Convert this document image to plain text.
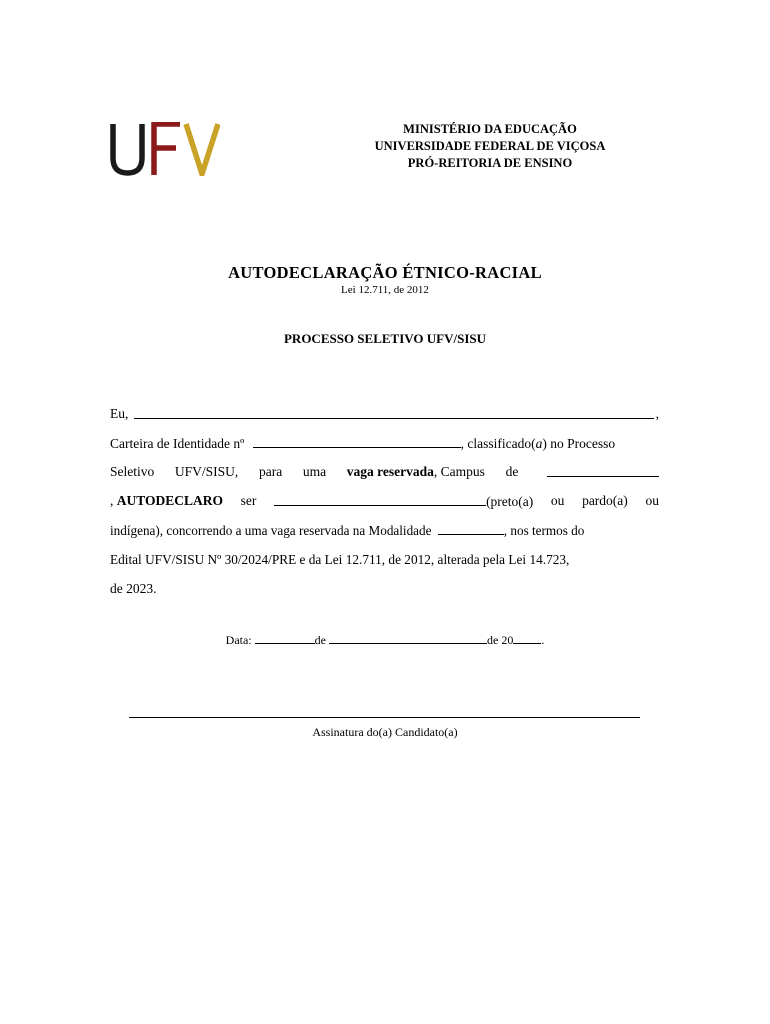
MINISTÉRIO DA EDUCAÇÃO
UNIVERSIDADE FEDERAL DE VIÇOSA
PRÓ-REITORIA DE ENSINO
AUTODECLARAÇÃO ÉTNICO-RACIAL
Lei 12.711, de 2012
PROCESSO SELETIVO UFV/SISU
Eu,	,
Carteira de Identidade nº	, classificado(a) no Processo
Seletivo UFV/SISU, para uma vaga reservada, Campus de
, AUTODECLARO ser	(preto(a) ou pardo(a) ou
indígena), concorrendo a uma vaga reservada na Modalidade	, nos termos do
Edital UFV/SISU Nº 30/2024/PRE e da Lei 12.711, de 2012, alterada pela Lei 14.723,
de 2023.
Data:	de	de 20 .
Assinatura do(a) Candidato(a)
